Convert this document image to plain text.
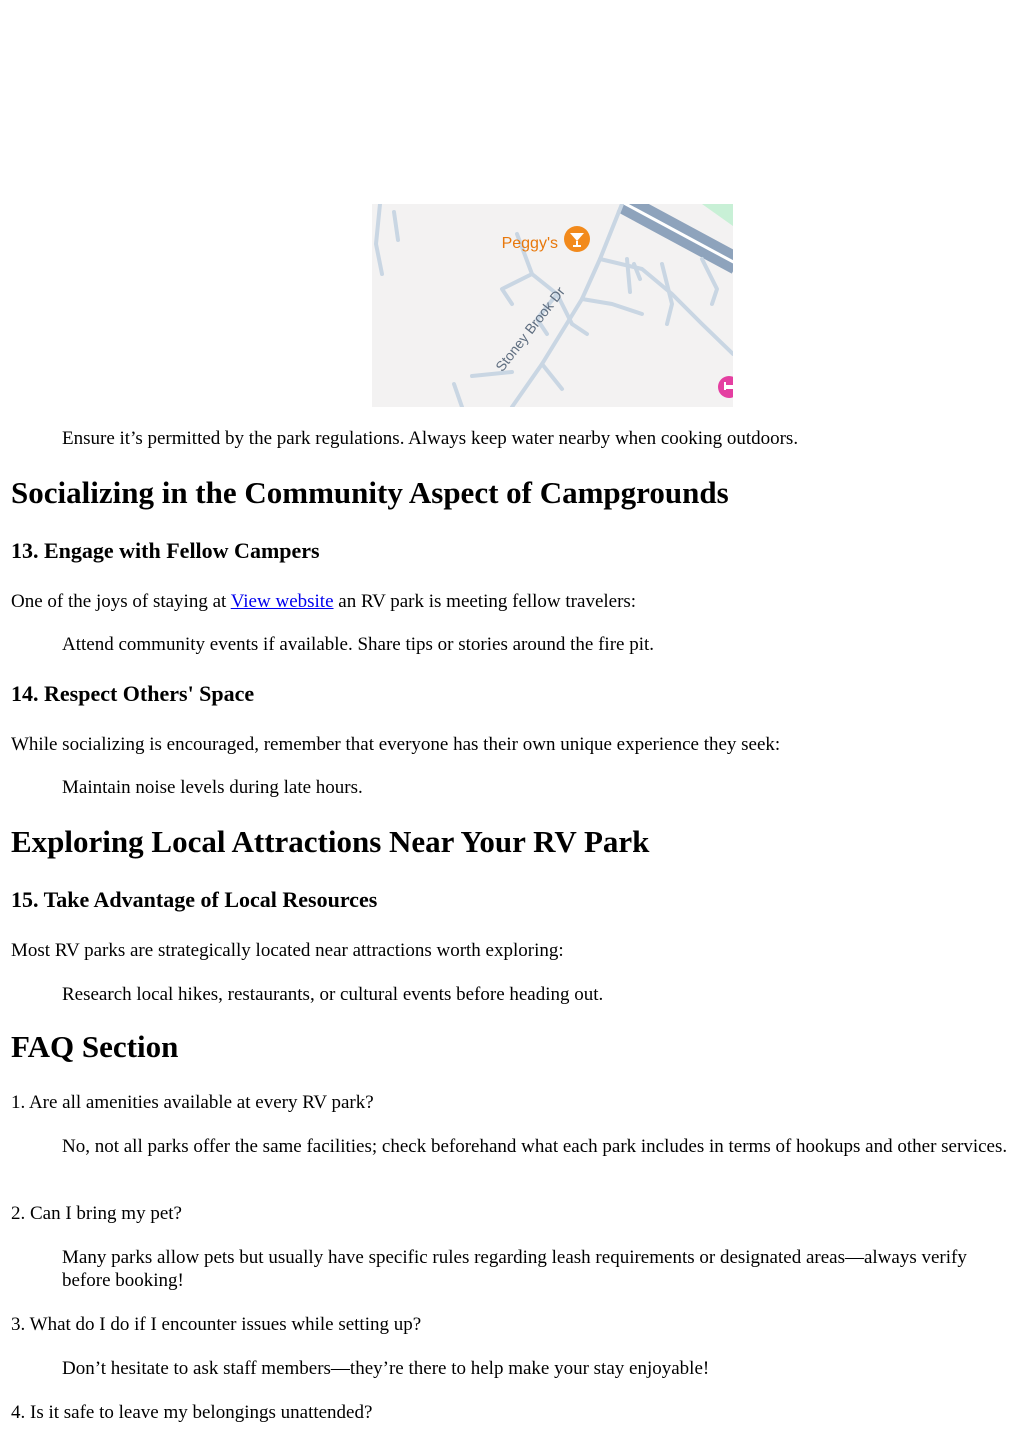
Peggy's
Stoney Brook Dr

Ensure it’s permitted by the park regulations. Always keep water nearby when cooking outdoors.

Socializing in the Community Aspect of Campgrounds
13. Engage with Fellow Campers

One of the joys of staying at View website an RV park is meeting fellow travelers:

Attend community events if available. Share tips or stories around the fire pit.

14. Respect Others' Space

While socializing is encouraged, remember that everyone has their own unique experience they seek:

Maintain noise levels during late hours.

Exploring Local Attractions Near Your RV Park
15. Take Advantage of Local Resources

Most RV parks are strategically located near attractions worth exploring:

Research local hikes, restaurants, or cultural events before heading out.

FAQ Section

1. Are all amenities available at every RV park?

No, not all parks offer the same facilities; check beforehand what each park includes in terms of hookups and other services.

2. Can I bring my pet?

Many parks allow pets but usually have specific rules regarding leash requirements or designated areas—always verify before booking!

3. What do I do if I encounter issues while setting up?

Don’t hesitate to ask staff members—they’re there to help make your stay enjoyable!

4. Is it safe to leave my belongings unattended?
